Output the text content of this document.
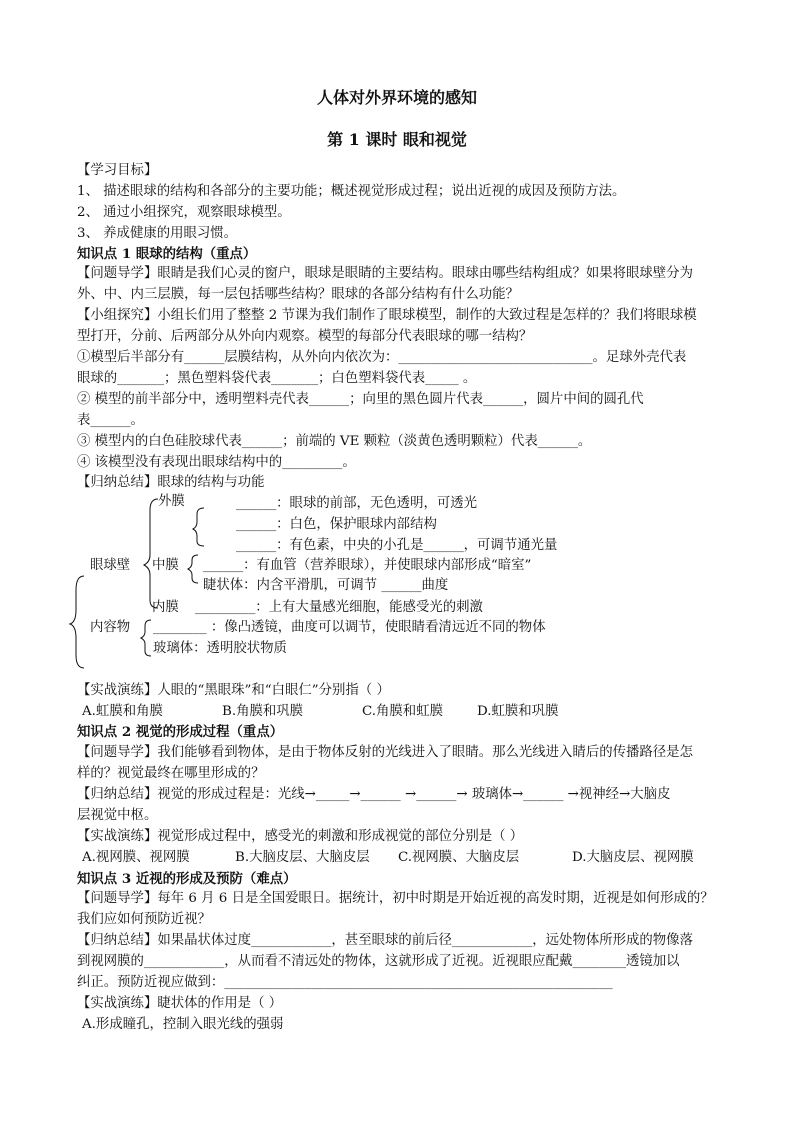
人体对外界环境的感知
第 1 课时 眼和视觉
【学习目标】
1、 描述眼球的结构和各部分的主要功能；概述视觉形成过程；说出近视的成因及预防方法。
2、 通过小组探究，观察眼球模型。
3、 养成健康的用眼习惯。
知识点 1 眼球的结构（重点）
【问题导学】眼睛是我们心灵的窗户，眼球是眼睛的主要结构。眼球由哪些结构组成？如果将眼球壁分为
外、中、内三层膜，每一层包括哪些结构？眼球的各部分结构有什么功能？
【小组探究】小组长们用了整整 2 节课为我们制作了眼球模型，制作的大致过程是怎样的？我们将眼球模
型打开，分前、后两部分从外向内观察。模型的每部分代表眼球的哪一结构？
①模型后半部分有______层膜结构，从外向内依次为：_____________________________。足球外壳代表
眼球的_______；黑色塑料袋代表_______；白色塑料袋代表_____ 。
② 模型的前半部分中，透明塑料壳代表______；向里的黑色圆片代表______，圆片中间的圆孔代
表______。
③ 模型内的白色硅胶球代表______；前端的 VE 颗粒（淡黄色透明颗粒）代表______。
④ 该模型没有表现出眼球结构中的_________。
【归纳总结】眼球的结构与功能
外膜	______：眼球的前部，无色透明，可透光
______：白色，保护眼球内部结构
______：有色素，中央的小孔是______，可调节通光量
眼球壁 中膜 ______：有血管（营养眼球），并使眼球内部形成“暗室”
睫状体：内含平滑肌，可调节 ______曲度
内膜 _________：上有大量感光细胞，能感受光的刺激
内容物 ________ ：像凸透镜，曲度可以调节，使眼睛看清远近不同的物体
玻璃体：透明胶状物质
【实战演练】人眼的“黑眼珠”和“白眼仁”分别指（ ）
A.虹膜和角膜	B.角膜和巩膜	C.角膜和虹膜	D.虹膜和巩膜
知识点 2 视觉的形成过程（重点）
【问题导学】我们能够看到物体，是由于物体反射的光线进入了眼睛。那么光线进入睛后的传播路径是怎
样的？视觉最终在哪里形成的？
【归纳总结】视觉的形成过程是：光线→_____→______ →______→ 玻璃体→______ →视神经→大脑皮
层视觉中枢。
【实战演练】视觉形成过程中，感受光的刺激和形成视觉的部位分别是（ ）
A.视网膜、视网膜	B.大脑皮层、大脑皮层 C.视网膜、大脑皮层	D.大脑皮层、视网膜
知识点 3 近视的形成及预防（难点）
【问题导学】每年 6 月 6 日是全国爱眼日。据统计，初中时期是开始近视的高发时期，近视是如何形成的？
我们应如何预防近视？
【归纳总结】如果晶状体过度____________，甚至眼球的前后径____________，远处物体所形成的物像落
到视网膜的____________，从而看不清远处的物体，这就形成了近视。近视眼应配戴________透镜加以
纠正。预防近视应做到：__________________________________________________________
【实战演练】睫状体的作用是（ ）
A.形成瞳孔，控制入眼光线的强弱
